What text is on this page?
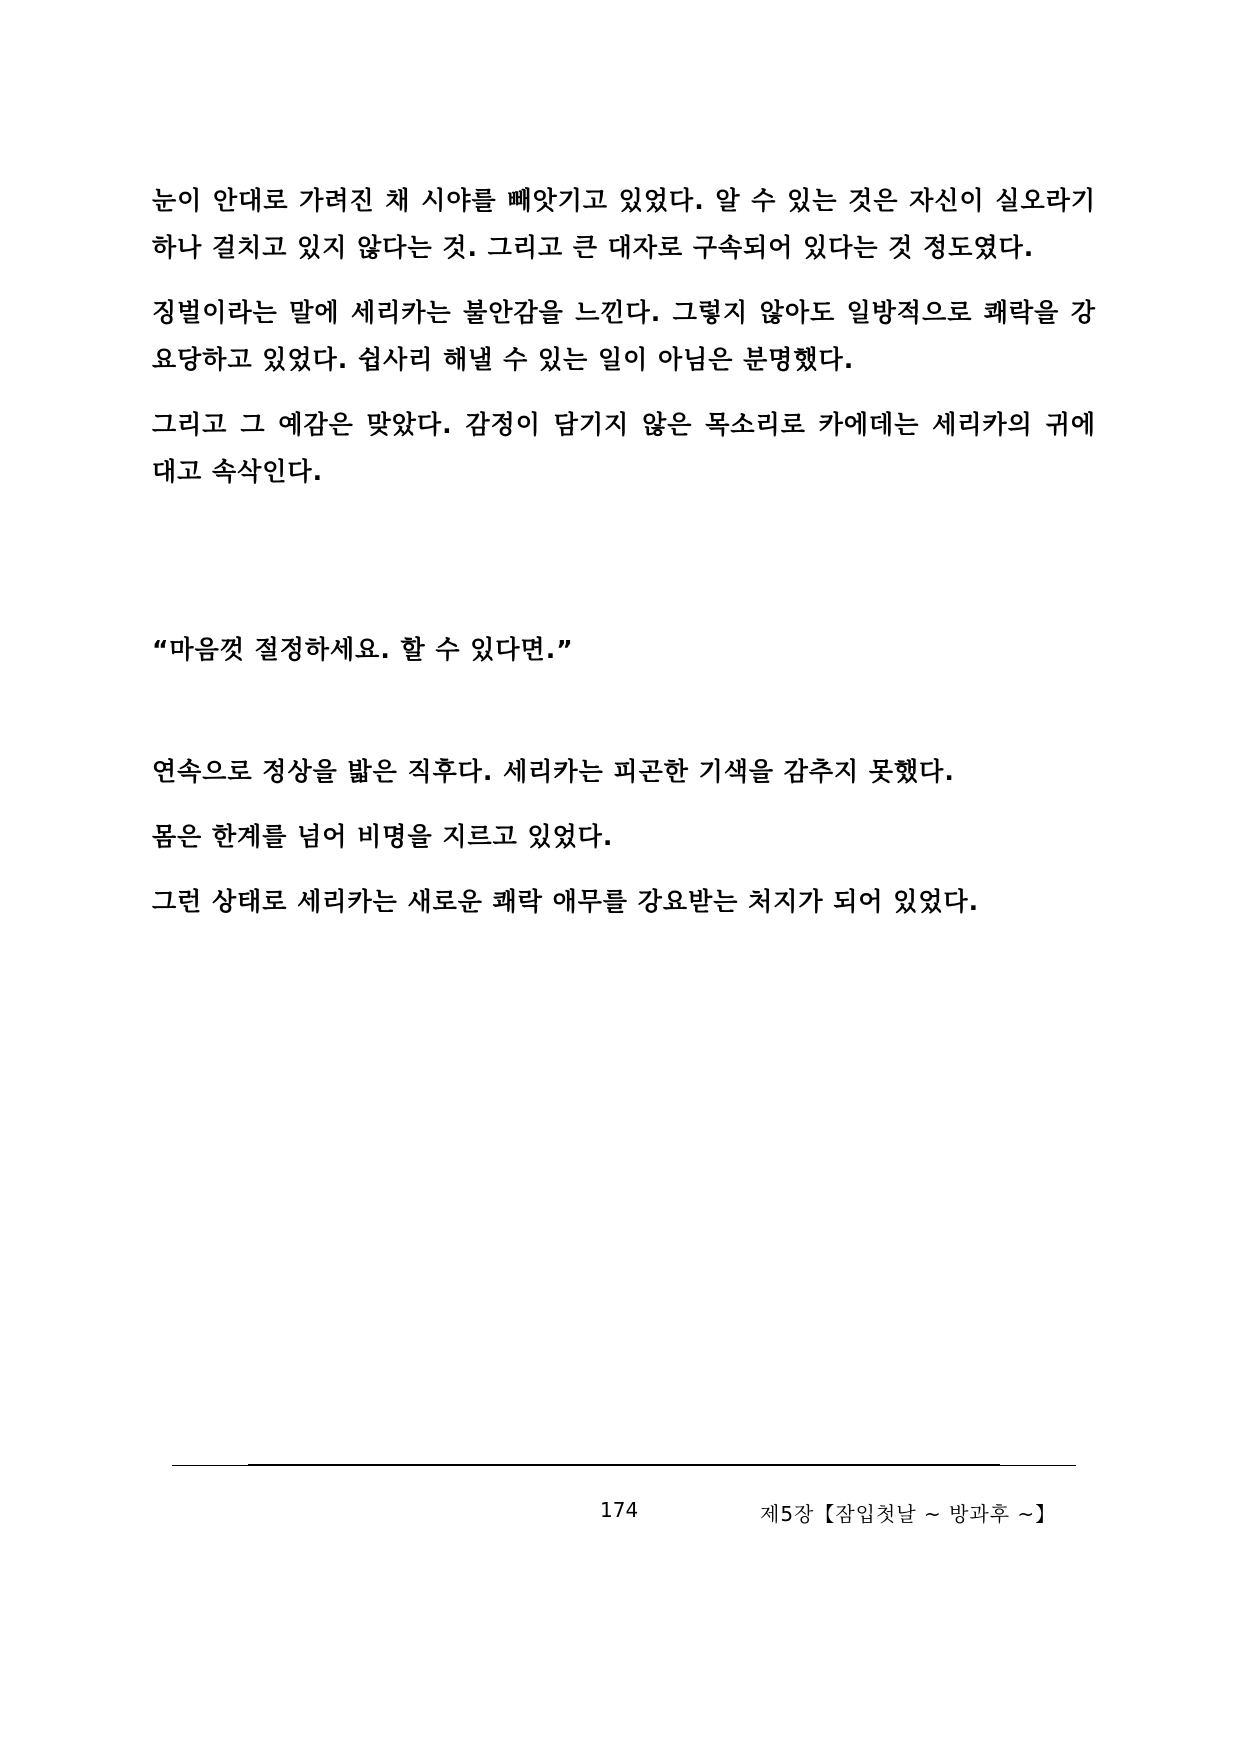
눈이 안대로 가려진 채 시야를 빼앗기고 있었다. 알 수 있는 것은 자신이 실오라기 하나 걸치고 있지 않다는 것. 그리고 큰 대자로 구속되어 있다는 것 정도였다.

징벌이라는 말에 세리카는 불안감을 느낀다. 그렇지 않아도 일방적으로 쾌락을 강요당하고 있었다. 쉽사리 해낼 수 있는 일이 아님은 분명했다.

그리고 그 예감은 맞았다. 감정이 담기지 않은 목소리로 카에데는 세리카의 귀에 대고 속삭인다.

“마음껏 절정하세요. 할 수 있다면.”

연속으로 정상을 밟은 직후다. 세리카는 피곤한 기색을 감추지 못했다.

몸은 한계를 넘어 비명을 지르고 있었다.

그런 상태로 세리카는 새로운 쾌락 애무를 강요받는 처지가 되어 있었다.

174	제5장【잠입첫날 ~ 방과후 ~】
